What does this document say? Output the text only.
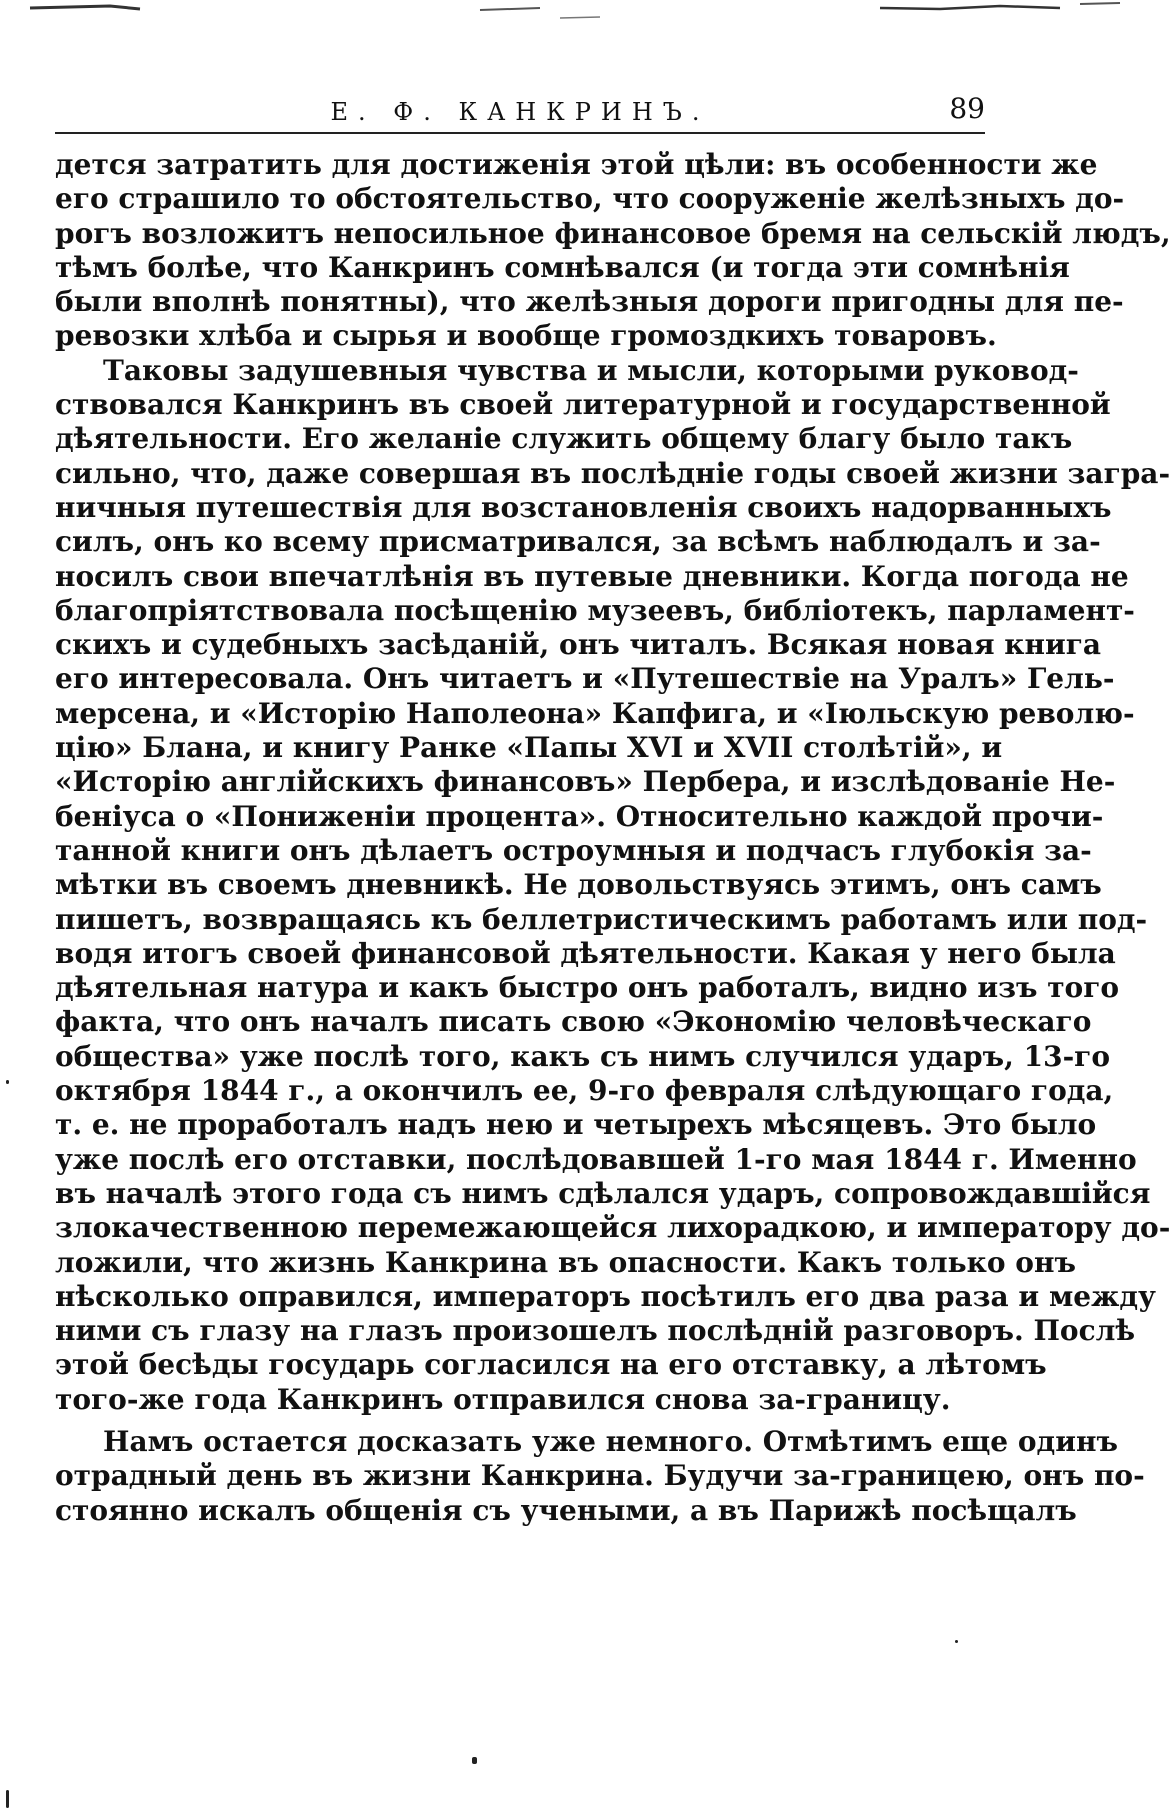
Е. Ф. КАНКРИНЪ.	89
дется затратить для достиженія этой цѣли: въ особенности же
его страшило то обстоятельство, что сооруженіе желѣзныхъ до-
рогъ возложитъ непосильное финансовое бремя на сельскій людъ,
тѣмъ болѣе, что Канкринъ сомнѣвался (и тогда эти сомнѣнія
были вполнѣ понятны), что желѣзныя дороги пригодны для пе-
ревозки хлѣба и сырья и вообще громоздкихъ товаровъ.
Таковы задушевныя чувства и мысли, которыми руковод-
ствовался Канкринъ въ своей литературной и государственной
дѣятельности. Его желаніе служить общему благу было такъ
сильно, что, даже совершая въ послѣдніе годы своей жизни загра-
ничныя путешествія для возстановленія своихъ надорванныхъ
силъ, онъ ко всему присматривался, за всѣмъ наблюдалъ и за-
носилъ свои впечатлѣнія въ путевые дневники. Когда погода не
благопріятствовала посѣщенію музеевъ, библіотекъ, парламент-
скихъ и судебныхъ засѣданій, онъ читалъ. Всякая новая книга
его интересовала. Онъ читаетъ и «Путешествіе на Уралъ» Гель-
мерсена, и «Исторію Наполеона» Капфига, и «Іюльскую револю-
цію» Блана, и книгу Ранке «Папы XVI и XVII столѣтій», и
«Исторію англійскихъ финансовъ» Пербера, и изслѣдованіе Не-
беніуса о «Пониженіи процента». Относительно каждой прочи-
танной книги онъ дѣлаетъ остроумныя и подчасъ глубокія за-
мѣтки въ своемъ дневникѣ. Не довольствуясь этимъ, онъ самъ
пишетъ, возвращаясь къ беллетристическимъ работамъ или под-
водя итогъ своей финансовой дѣятельности. Какая у него была
дѣятельная натура и какъ быстро онъ работалъ, видно изъ того
факта, что онъ началъ писать свою «Экономію человѣческаго
общества» уже послѣ того, какъ съ нимъ случился ударъ, 13-го
октября 1844 г., а окончилъ ее, 9-го февраля слѣдующаго года,
т. е. не проработалъ надъ нею и четырехъ мѣсяцевъ. Это было
уже послѣ его отставки, послѣдовавшей 1-го мая 1844 г. Именно
въ началѣ этого года съ нимъ сдѣлался ударъ, сопровождавшійся
злокачественною перемежающейся лихорадкою, и императору до-
ложили, что жизнь Канкрина въ опасности. Какъ только онъ
нѣсколько оправился, императоръ посѣтилъ его два раза и между
ними съ глазу на глазъ произошелъ послѣдній разговоръ. Послѣ
этой бесѣды государь согласился на его отставку, а лѣтомъ
того-же года Канкринъ отправился снова за-границу.
Намъ остается досказать уже немного. Отмѣтимъ еще одинъ
отрадный день въ жизни Канкрина. Будучи за-границею, онъ по-
стоянно искалъ общенія съ учеными, а въ Парижѣ посѣщалъ
